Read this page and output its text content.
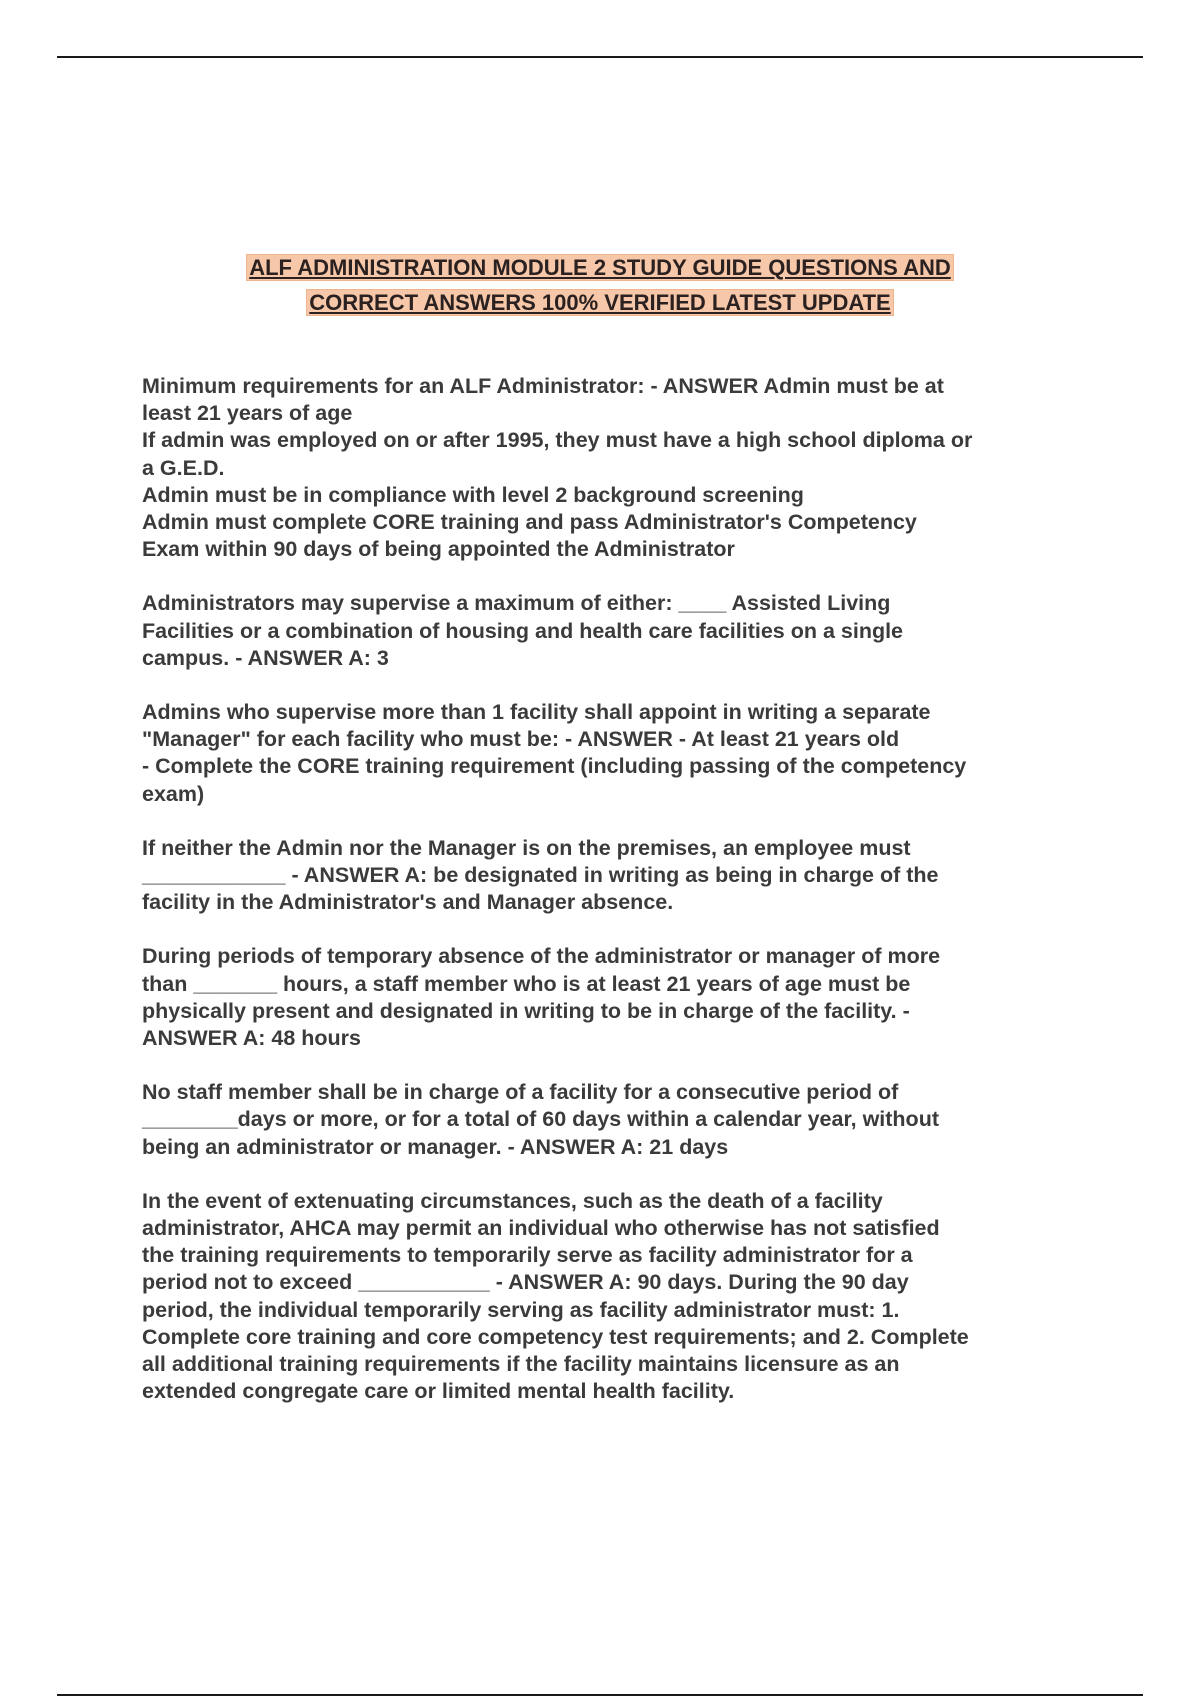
ALF ADMINISTRATION MODULE 2 STUDY GUIDE QUESTIONS AND
CORRECT ANSWERS 100% VERIFIED LATEST UPDATE
Minimum requirements for an ALF Administrator: - ANSWER Admin must be at
least 21 years of age
If admin was employed on or after 1995, they must have a high school diploma or
a G.E.D.
Admin must be in compliance with level 2 background screening
Admin must complete CORE training and pass Administrator's Competency
Exam within 90 days of being appointed the Administrator
Administrators may supervise a maximum of either: ____ Assisted Living
Facilities or a combination of housing and health care facilities on a single
campus. - ANSWER A: 3
Admins who supervise more than 1 facility shall appoint in writing a separate
"Manager" for each facility who must be: - ANSWER - At least 21 years old
- Complete the CORE training requirement (including passing of the competency
exam)
If neither the Admin nor the Manager is on the premises, an employee must
____________ - ANSWER A: be designated in writing as being in charge of the
facility in the Administrator's and Manager absence.
During periods of temporary absence of the administrator or manager of more
than _______ hours, a staff member who is at least 21 years of age must be
physically present and designated in writing to be in charge of the facility. -
ANSWER A: 48 hours
No staff member shall be in charge of a facility for a consecutive period of
________days or more, or for a total of 60 days within a calendar year, without
being an administrator or manager. - ANSWER A: 21 days
In the event of extenuating circumstances, such as the death of a facility
administrator, AHCA may permit an individual who otherwise has not satisfied
the training requirements to temporarily serve as facility administrator for a
period not to exceed ___________ - ANSWER A: 90 days. During the 90 day
period, the individual temporarily serving as facility administrator must: 1.
Complete core training and core competency test requirements; and 2. Complete
all additional training requirements if the facility maintains licensure as an
extended congregate care or limited mental health facility.
